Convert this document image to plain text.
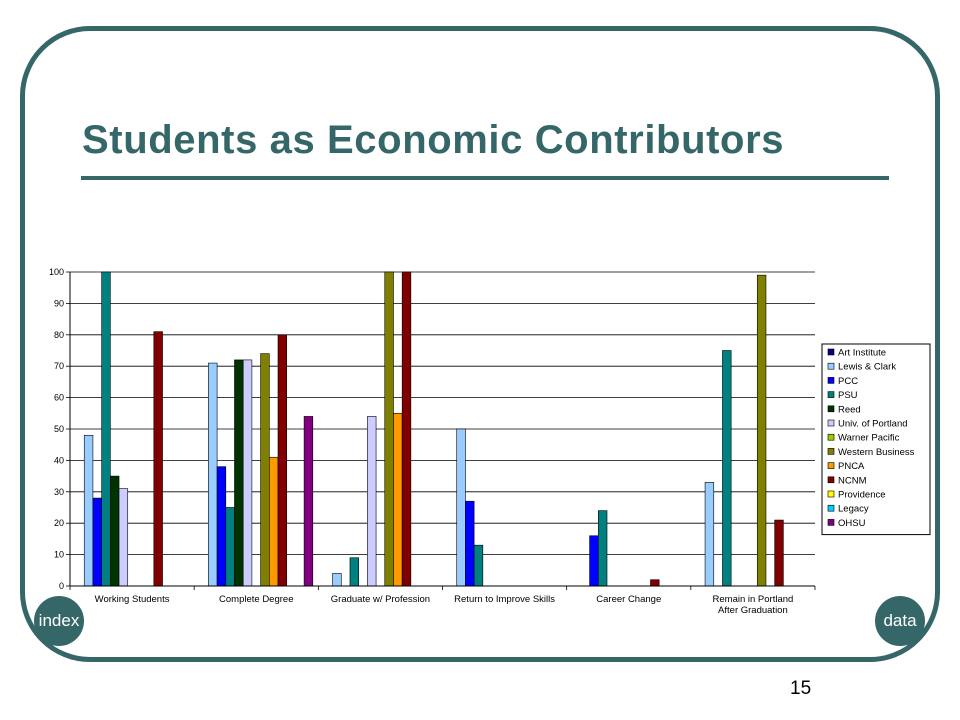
Students as Economic Contributors
0
10
20
30
40
50
60
70
80
90
100
Working Students	Complete Degree	Graduate w/ Profession	Return to Improve Skills	Career Change	Remain in Portland
After Graduation
Art Institute
Lewis & Clark
PCC
PSU
Reed
Univ. of Portland
Warner Pacific
Western Business
PNCA
NCNM
Providence
Legacy
OHSU
index	data
15
